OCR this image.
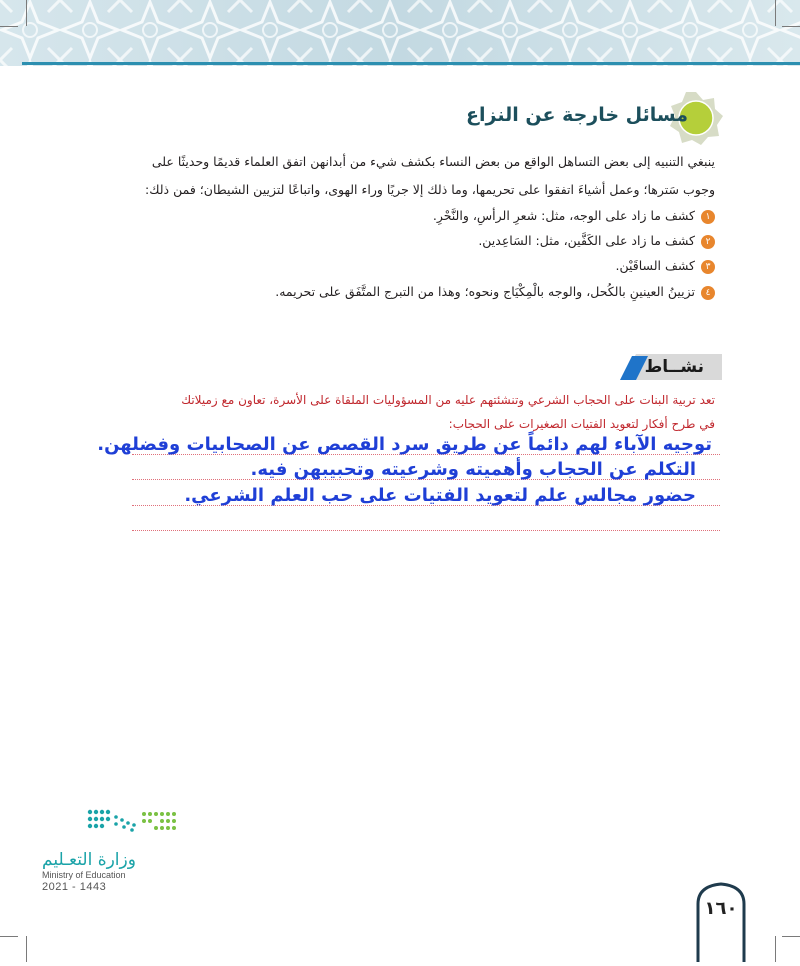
مسائل خارجة عن النزاع
ينبغي التنبيه إلى بعض التساهل الواقع من بعض النساء بكشف شيء من أبدانهن اتفق العلماء قديمًا وحديثًا على
وجوب سَترها؛ وعمل أشياءَ اتفقوا على تحريمها، وما ذلك إلا جريًا وراء الهوى، واتباعًا لتزيين الشيطان؛ فمن ذلك:
١كشف ما زاد على الوجه، مثل: شعرِ الرأسِ، والنَّحْرِ.
٢كشف ما زاد على الكَفَّين، مثل: السَاعِدين.
٣كشف الساقَيْن.
٤تزيينُ العينينِ بالكُحل، والوجه بالْمِكْيَاج ونحوه؛ وهذا من التبرج المتَّفَق على تحريمه.
نشــاط
تعد تربية البنات على الحجاب الشرعي وتنشئتهم عليه من المسؤوليات الملقاة على الأسرة، تعاون مع زميلاتك
في طرح أفكار لتعويد الفتيات الصغيرات على الحجاب:
توجيه الآباء لهم دائماً عن طريق سرد القصص عن الصحابيات وفضلهن.
التكلم عن الحجاب وأهميته وشرعيته وتحبيبهن فيه.
حضور مجالس علم لتعويد الفتيات على حب العلم الشرعي.
وزارة التعـليم
Ministry of Education
2021 - 1443
١٦٠
